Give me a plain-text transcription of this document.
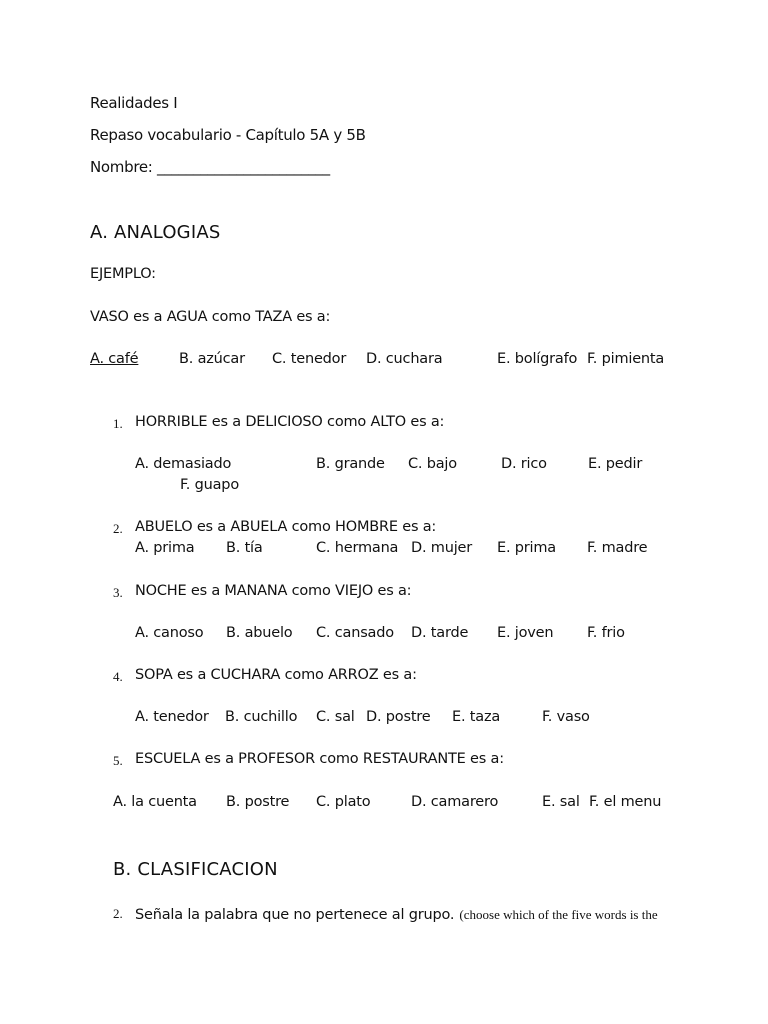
Realidades I
Repaso vocabulario - Capítulo 5A y 5B
Nombre: ________________________
A. ANALOGIAS
EJEMPLO:
VASO es a AGUA como TAZA es a:
A. café	B. azúcar C. tenedor D. cuchara	E. bolígrafo F. pimienta
1. HORRIBLE es a DELICIOSO como ALTO es a:
A. demasiado	B. grande C. bajo	D. rico	E. pedir
F. guapo
2. ABUELO es a ABUELA como HOMBRE es a:
A. prima B. tía	C. hermana D. mujer E. prima F. madre
3. NOCHE es a MANANA como VIEJO es a:
A. canoso B. abuelo C. cansado D. tarde E. joven F. frio
4. SOPA es a CUCHARA como ARROZ es a:
A. tenedor B. cuchillo C. sal D. postre E. taza	F. vaso
5. ESCUELA es a PROFESOR como RESTAURANTE es a:
A. la cuenta B. postre C. plato	D. camarero	E. sal F. el menu
B. CLASIFICACION
2. Señala la palabra que no pertenece al grupo. (choose which of the five words is the
